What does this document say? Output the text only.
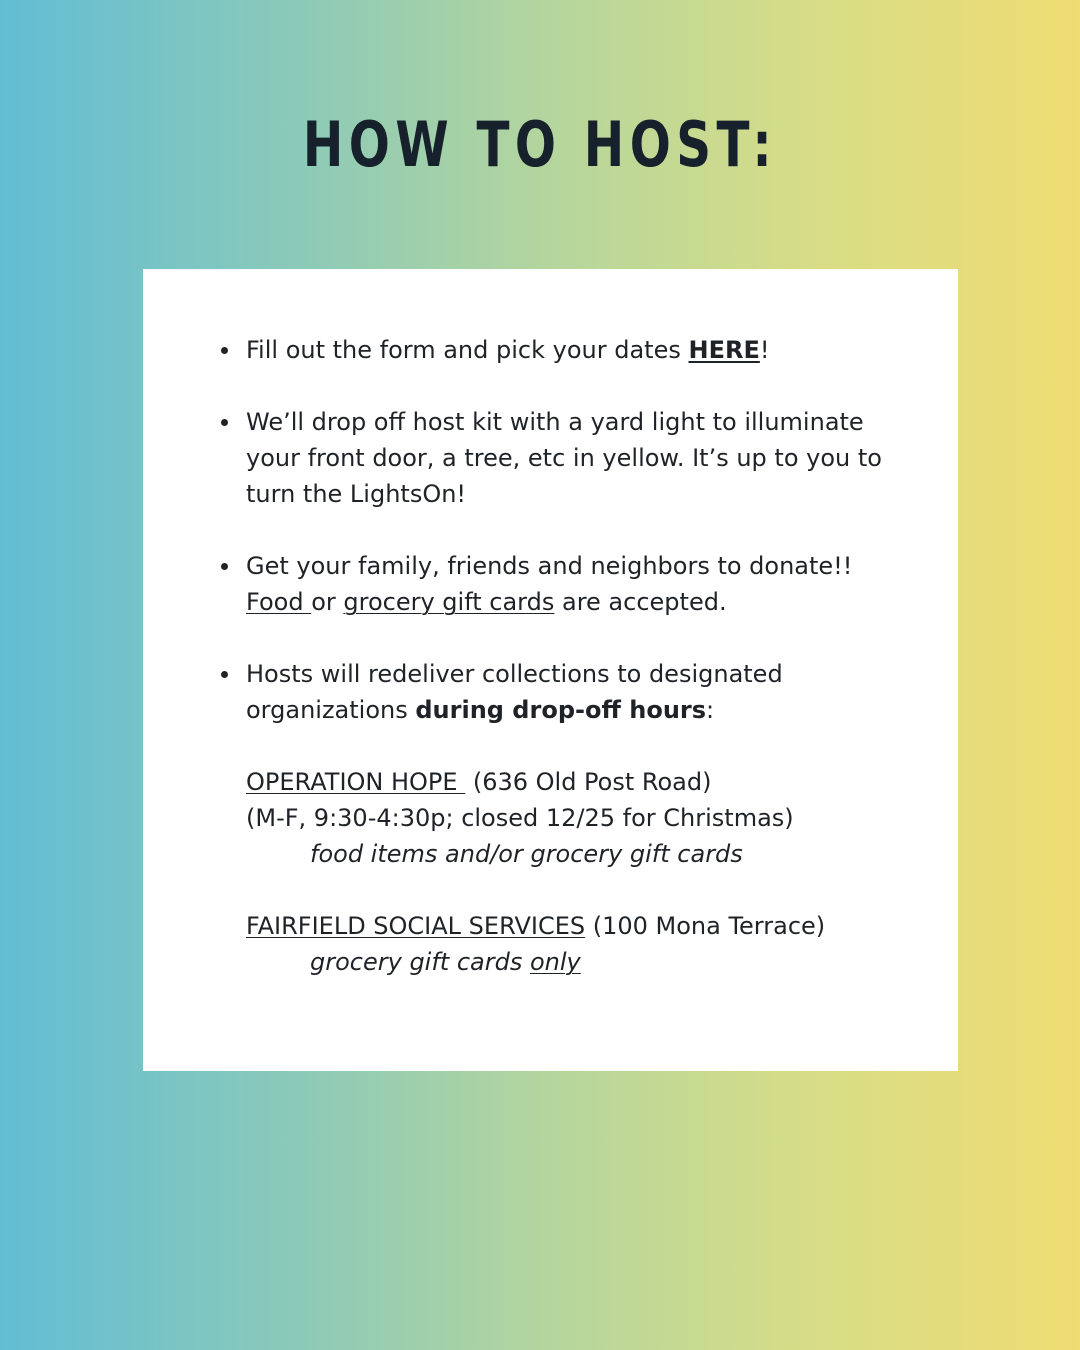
HOW TO HOST:

Fill out the form and pick your dates HERE!

We’ll drop off host kit with a yard light to illuminate

your front door, a tree, etc in yellow. It’s up to you to

turn the LightsOn!

Get your family, friends and neighbors to donate!!

Food or grocery gift cards are accepted.

Hosts will redeliver collections to designated

organizations during drop-off hours:

OPERATION HOPE  (636 Old Post Road)

(M-F, 9:30-4:30p; closed 12/25 for Christmas)

food items and/or grocery gift cards

FAIRFIELD SOCIAL SERVICES (100 Mona Terrace)

grocery gift cards only
